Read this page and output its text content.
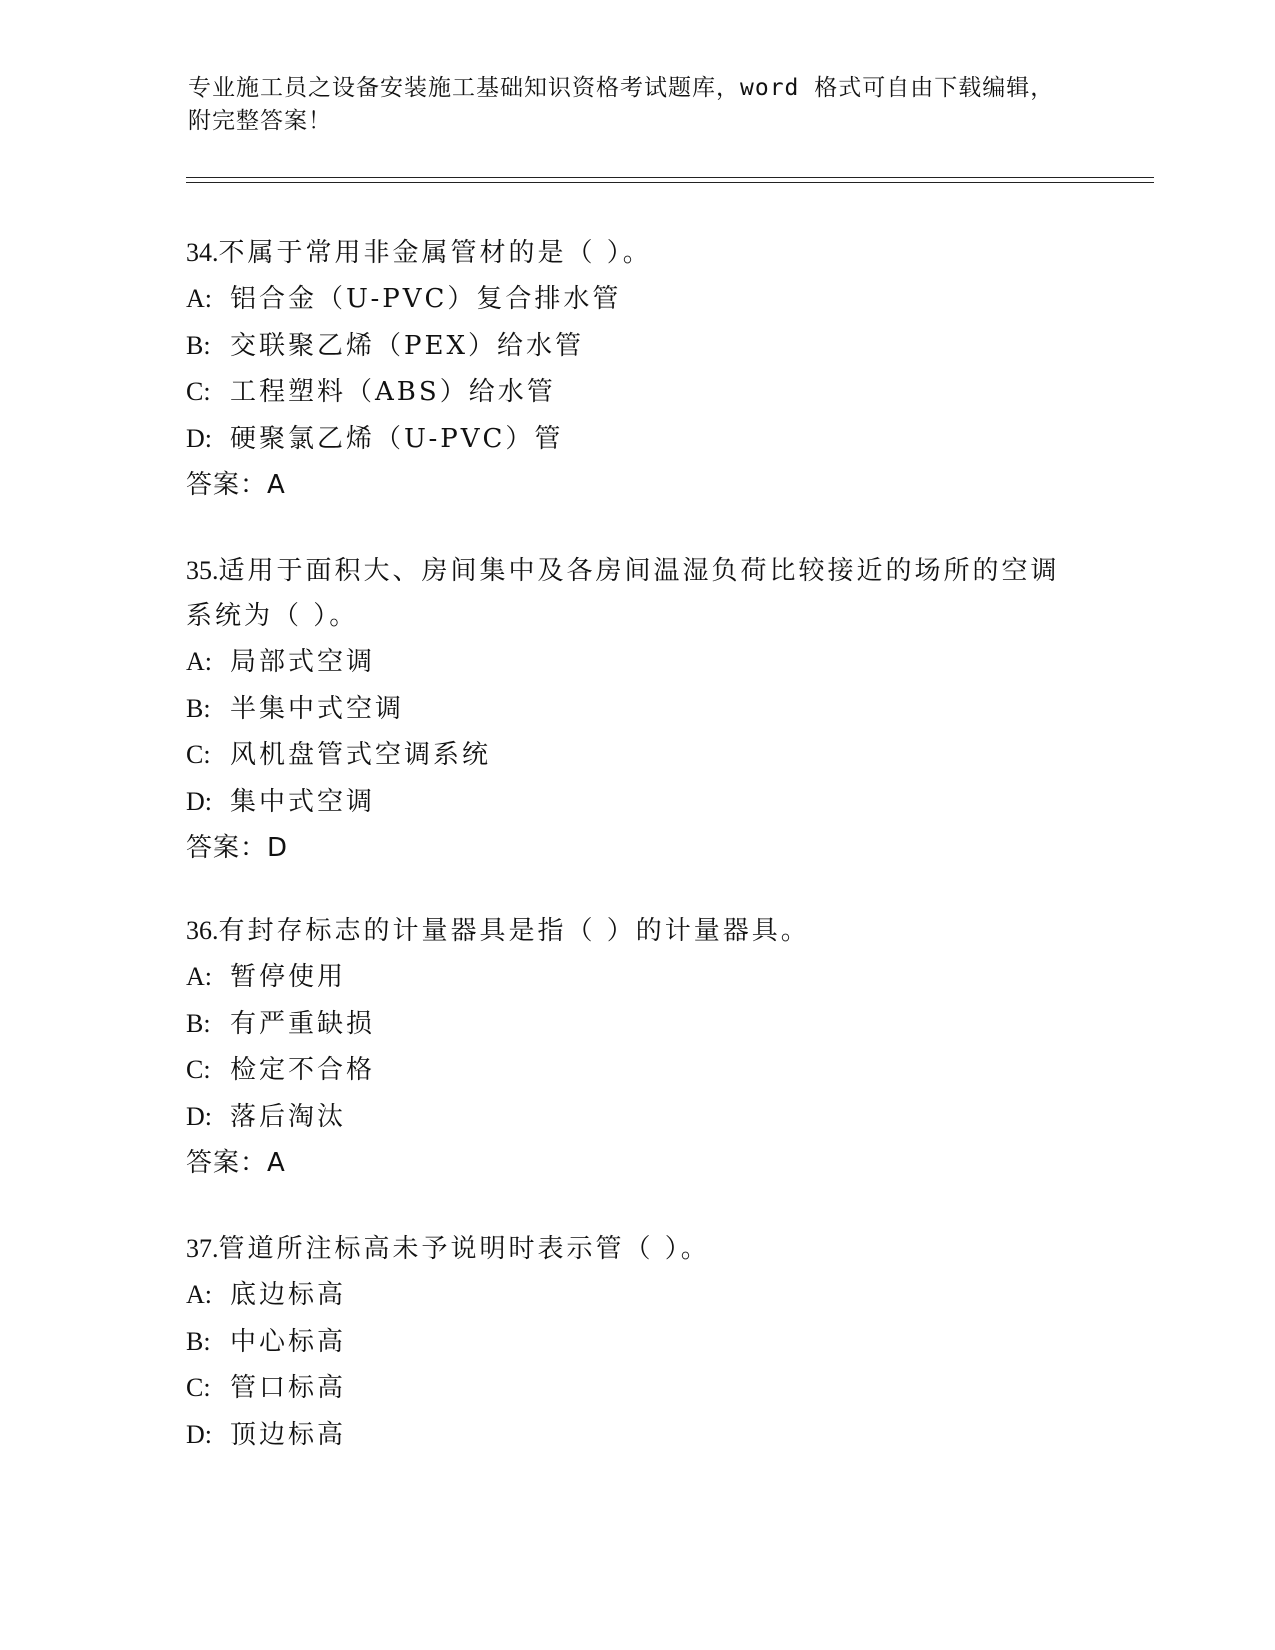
专业施工员之设备安装施工基础知识资格考试题库，word 格式可自由下载编辑，
附完整答案！

34.不属于常用非金属管材的是（ ）。

A: 铝合金（U-PVC）复合排水管

B: 交联聚乙烯（PEX）给水管

C: 工程塑料（ABS）给水管

D: 硬聚氯乙烯（U-PVC）管

答案：A

35.适用于面积大、房间集中及各房间温湿负荷比较接近的场所的空调

系统为（ ）。

A: 局部式空调

B: 半集中式空调

C: 风机盘管式空调系统

D: 集中式空调

答案：D

36.有封存标志的计量器具是指（ ）的计量器具。

A: 暂停使用

B: 有严重缺损

C: 检定不合格

D: 落后淘汰

答案：A

37.管道所注标高未予说明时表示管（ ）。

A: 底边标高

B: 中心标高

C: 管口标高

D: 顶边标高
